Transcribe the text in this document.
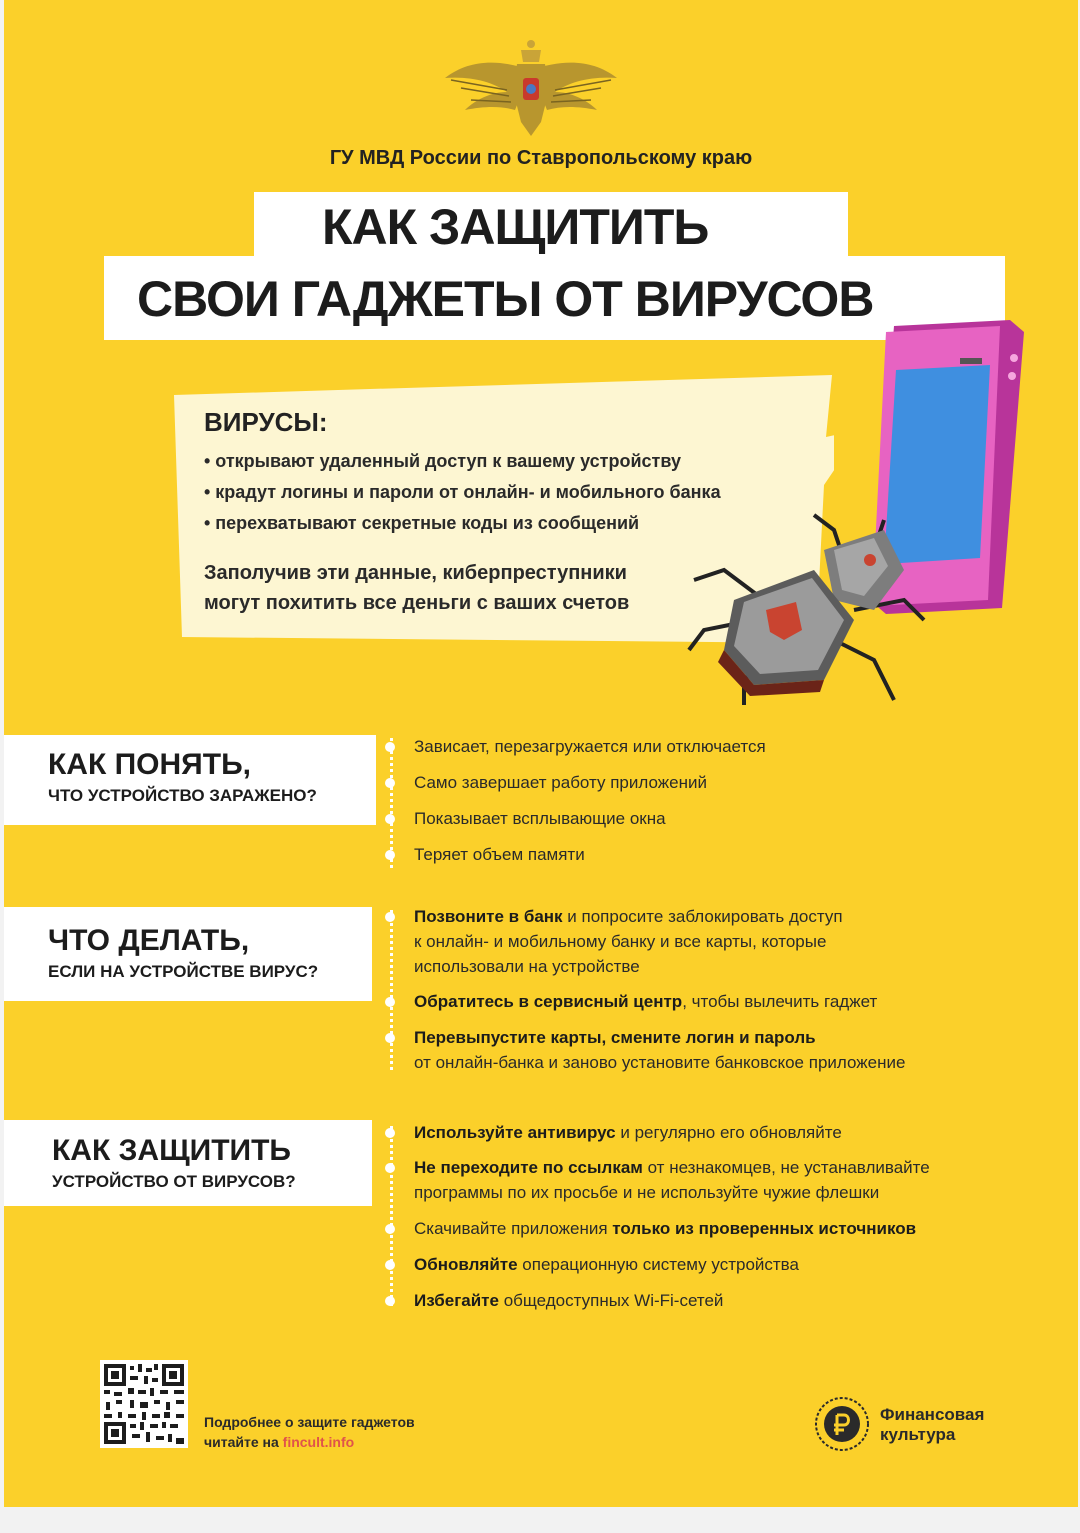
ГУ МВД России по Ставропольскому краю
КАК ЗАЩИТИТЬ
СВОИ ГАДЖЕТЫ ОТ ВИРУСОВ
ВИРУСЫ:
• открывают удаленный доступ к вашему устройству
• крадут логины и пароли от онлайн- и мобильного банка
• перехватывают секретные коды из сообщений
Заполучив эти данные, киберпреступники
могут похитить все деньги с ваших счетов
КАК ПОНЯТЬ,
ЧТО УСТРОЙСТВО ЗАРАЖЕНО?
Зависает, перезагружается или отключается
Само завершает работу приложений
Показывает всплывающие окна
Теряет объем памяти
ЧТО ДЕЛАТЬ,
ЕСЛИ НА УСТРОЙСТВЕ ВИРУС?
Позвоните в банк и попросите заблокировать доступ
к онлайн- и мобильному банку и все карты, которые
использовали на устройстве
Обратитесь в сервисный центр, чтобы вылечить гаджет
Перевыпустите карты, смените логин и пароль
от онлайн-банка и заново установите банковское приложение
КАК ЗАЩИТИТЬ
УСТРОЙСТВО ОТ ВИРУСОВ?
Используйте антивирус и регулярно его обновляйте
Не переходите по ссылкам от незнакомцев, не устанавливайте
программы по их просьбе и не используйте чужие флешки
Скачивайте приложения только из проверенных источников
Обновляйте операционную систему устройства
Избегайте общедоступных Wi-Fi-сетей
Подробнее о защите гаджетов
читайте на fincult.info
Финансовая
культура
